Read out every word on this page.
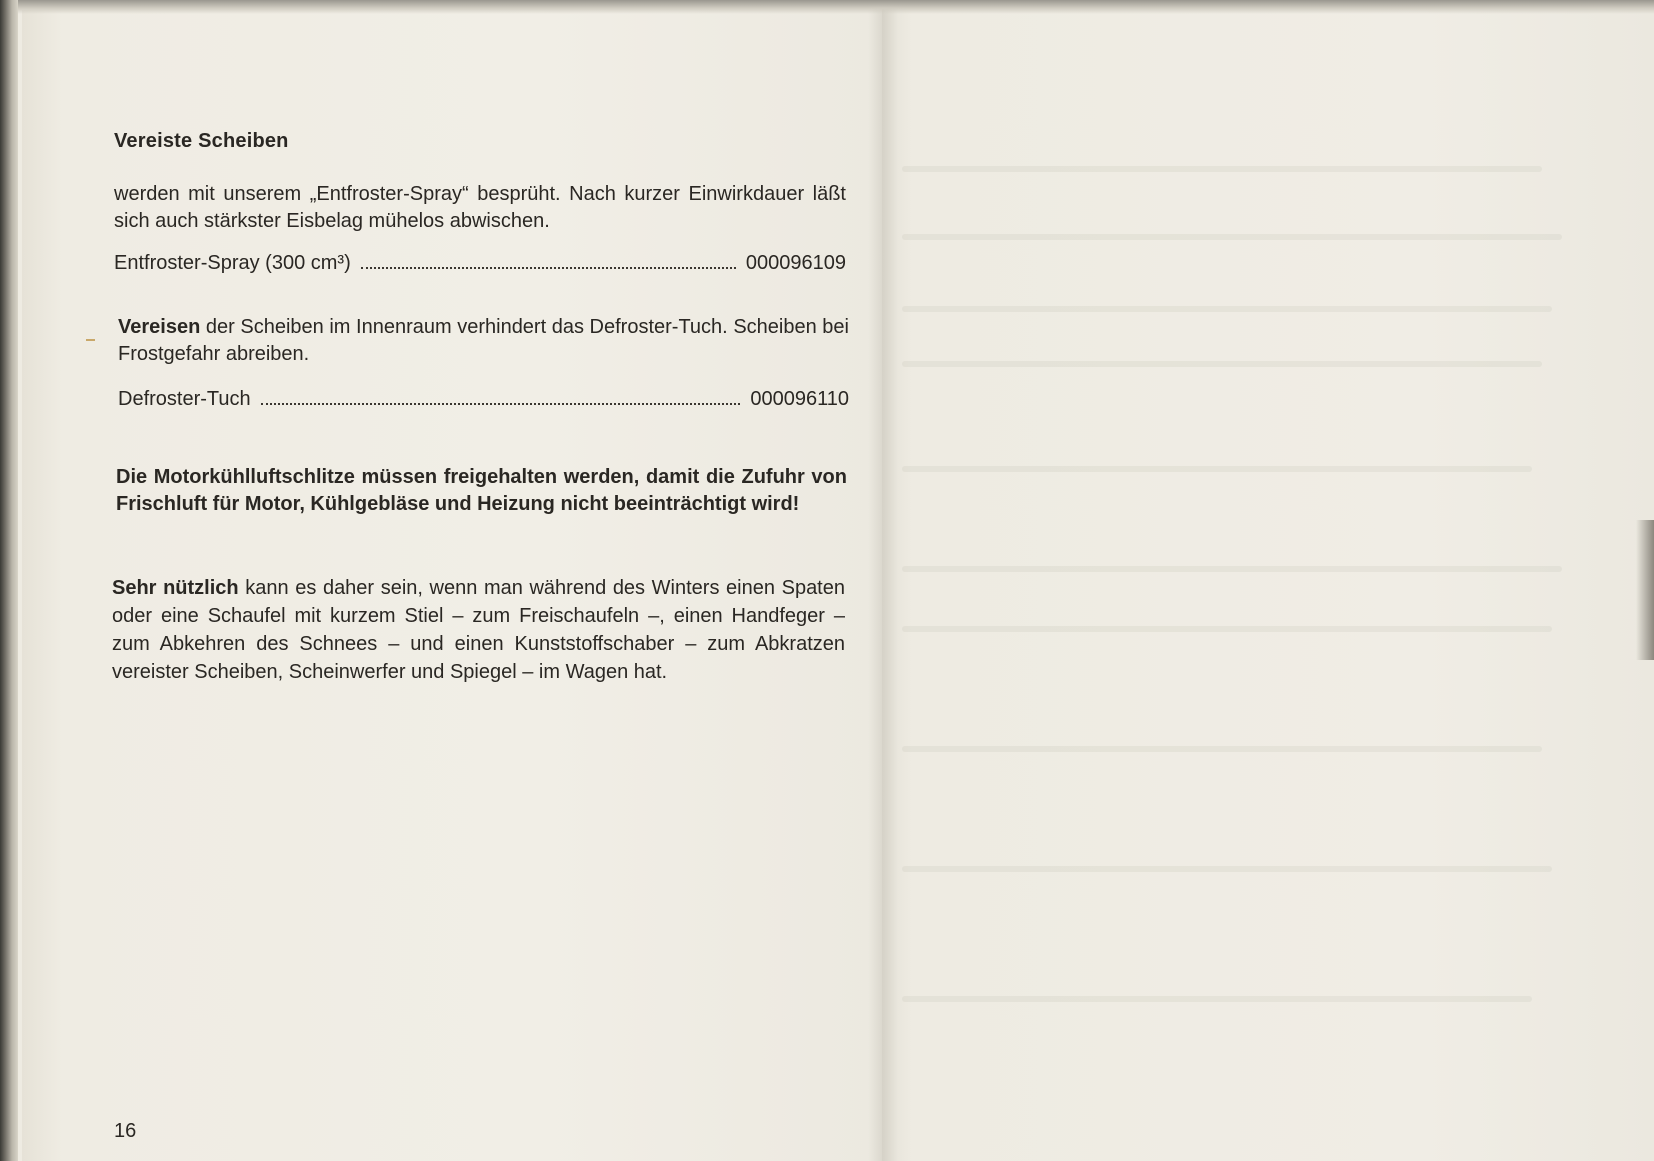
Vereiste Scheiben

werden mit unserem „Entfroster-Spray“ besprüht. Nach kurzer Einwirkdauer läßt sich auch stärkster Eisbelag mühelos abwischen.

Entfroster-Spray (300 cm³)	000096109

Vereisen der Scheiben im Innenraum verhindert das Defroster-Tuch. Scheiben bei Frostgefahr abreiben.

Defroster-Tuch	000096110

Die Motorkühlluftschlitze müssen freigehalten werden, damit die Zufuhr von Frischluft für Motor, Kühlgebläse und Heizung nicht beeinträchtigt wird!

Sehr nützlich kann es daher sein, wenn man während des Winters einen Spaten oder eine Schaufel mit kurzem Stiel – zum Freischaufeln –, einen Handfeger – zum Abkehren des Schnees – und einen Kunststoffschaber – zum Abkratzen vereister Scheiben, Scheinwerfer und Spiegel – im Wagen hat.

16
